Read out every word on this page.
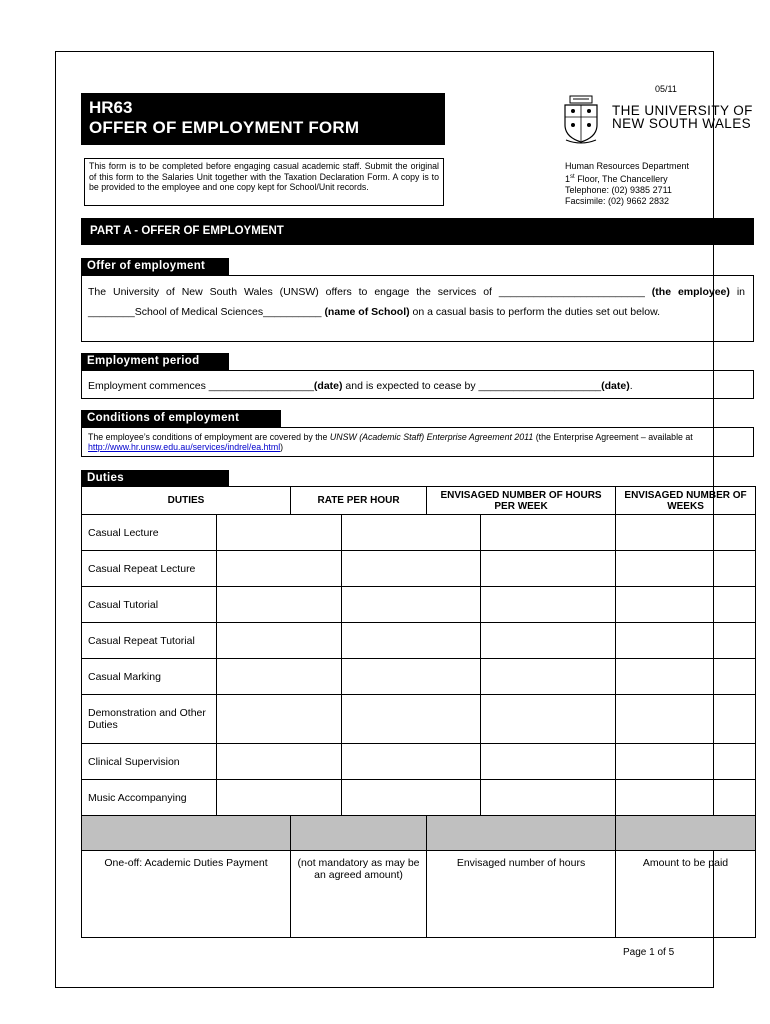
05/11
HR63
OFFER OF EMPLOYMENT FORM
THE UNIVERSITY OF
NEW SOUTH WALES
This form is to be completed before engaging casual academic staff. Submit the original of this form to the Salaries Unit together with the Taxation Declaration Form. A copy is to be provided to the employee and one copy kept for School/Unit records.
Human Resources Department
1st Floor, The Chancellery
Telephone: (02) 9385 2711
Facsimile: (02) 9662 2832
PART A - OFFER OF EMPLOYMENT
Offer of employment
The University of New South Wales (UNSW) offers to engage the services of _________________________ (the employee) in ________School of Medical Sciences__________ (name of School) on a casual basis to perform the duties set out below.
Employment period
Employment commences __________________(date) and is expected to cease by _____________________(date).
Conditions of employment
The employee’s conditions of employment are covered by the UNSW (Academic Staff) Enterprise Agreement 2011 (the Enterprise Agreement – available at http://www.hr.unsw.edu.au/services/indrel/ea.html)
Duties
DUTIES		RATE PER HOUR		ENVISAGED NUMBER OF HOURS PER WEEK		ENVISAGED NUMBER OF WEEKS
Casual Lecture						
Casual Repeat Lecture						
Casual Tutorial						
Casual Repeat Tutorial						
Casual Marking						
Demonstration and Other Duties						
Clinical Supervision						
Music Accompanying						

One-off: Academic Duties Payment		(not mandatory as may be an agreed amount)		Envisaged number of hours		Amount to be paid
Page 1 of 5
